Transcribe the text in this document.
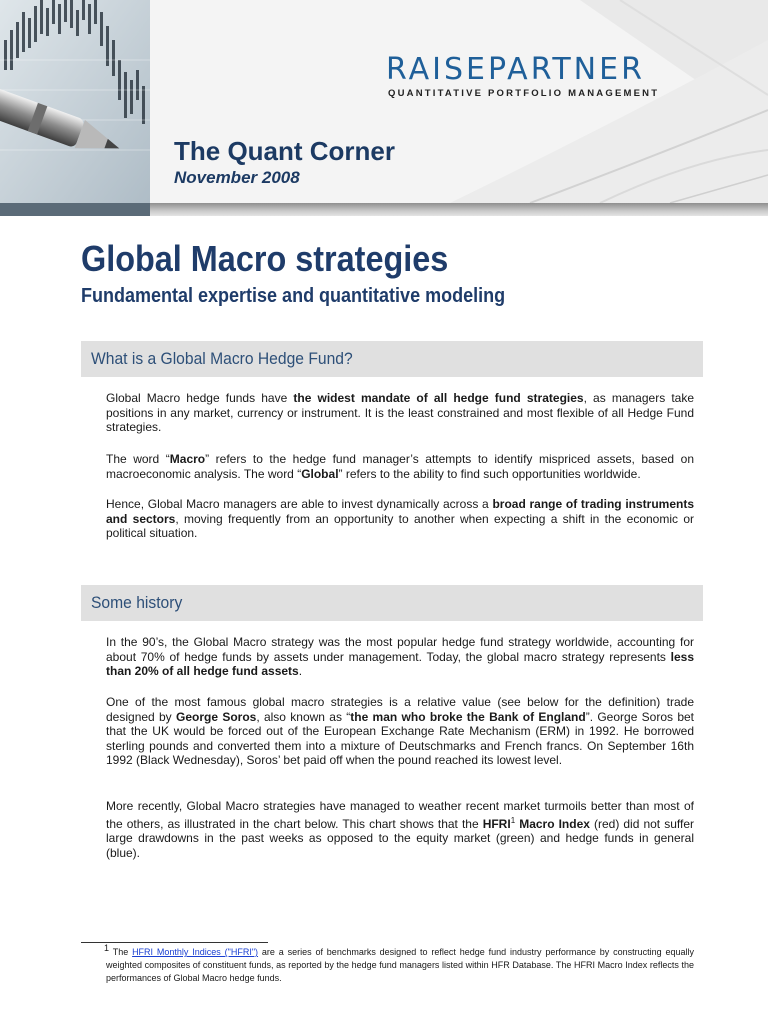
RAISEPARTNER
QUANTITATIVE PORTFOLIO MANAGEMENT
The Quant Corner
November 2008
Global Macro strategies
Fundamental expertise and quantitative modeling
What is a Global Macro Hedge Fund?

Global Macro hedge funds have the widest mandate of all hedge fund strategies, as managers take positions in any market, currency or instrument. It is the least constrained and most flexible of all Hedge Fund strategies.

The word “Macro” refers to the hedge fund manager’s attempts to identify mispriced assets, based on macroeconomic analysis. The word “Global” refers to the ability to find such opportunities worldwide.

Hence, Global Macro managers are able to invest dynamically across a broad range of trading instruments and sectors, moving frequently from an opportunity to another when expecting a shift in the economic or political situation.

Some history

In the 90’s, the Global Macro strategy was the most popular hedge fund strategy worldwide, accounting for about 70% of hedge funds by assets under management. Today, the global macro strategy represents less than 20% of all hedge fund assets.

One of the most famous global macro strategies is a relative value (see below for the definition) trade designed by George Soros, also known as “the man who broke the Bank of England”. George Soros bet that the UK would be forced out of the European Exchange Rate Mechanism (ERM) in 1992. He borrowed sterling pounds and converted them into a mixture of Deutschmarks and French francs. On September 16th 1992 (Black Wednesday), Soros’ bet paid off when the pound reached its lowest level.

More recently, Global Macro strategies have managed to weather recent market turmoils better than most of the others, as illustrated in the chart below. This chart shows that the HFRI$^1$ Macro Index (red) did not suffer large drawdowns in the past weeks as opposed to the equity market (green) and hedge funds in general (blue).

$^1$ The HFRI Monthly Indices ("HFRI") are a series of benchmarks designed to reflect hedge fund industry performance by constructing equally weighted composites of constituent funds, as reported by the hedge fund managers listed within HFR Database. The HFRI Macro Index reflects the performances of Global Macro hedge funds.
